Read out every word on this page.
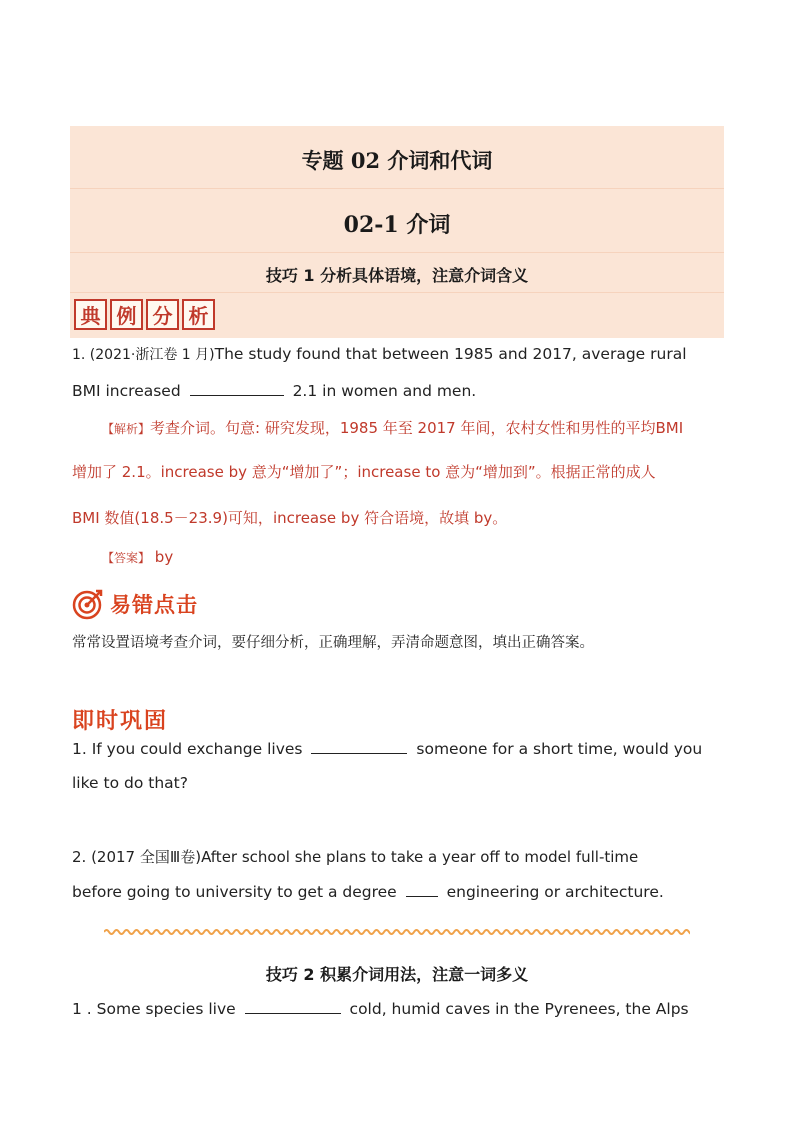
专题 02 介词和代词
02-1 介词
技巧 1 分析具体语境，注意介词含义
典 例 分 析
1. (2021·浙江卷 1 月)The study found that between 1985 and 2017, average rural
BMI increased	2.1 in women and men.
【解析】考查介词。句意: 研究发现，1985 年至 2017 年间，农村女性和男性的平均BMI
增加了 2.1。increase by 意为“增加了”；increase to 意为“增加到”。根据正常的成人
BMI 数值(18.5－23.9)可知，increase by 符合语境，故填 by。
【答案】 by
易错点击
常常设置语境考查介词，要仔细分析，正确理解，弄清命题意图，填出正确答案。
即时巩固
1. If you could exchange lives	someone for a short time, would you
like to do that?
2. (2017 全国Ⅲ卷)After school she plans to take a year off to model full-time
before going to university to get a degree	engineering or architecture.
技巧 2 积累介词用法，注意一词多义
1 . Some species live	cold, humid caves in the Pyrenees, the Alps
